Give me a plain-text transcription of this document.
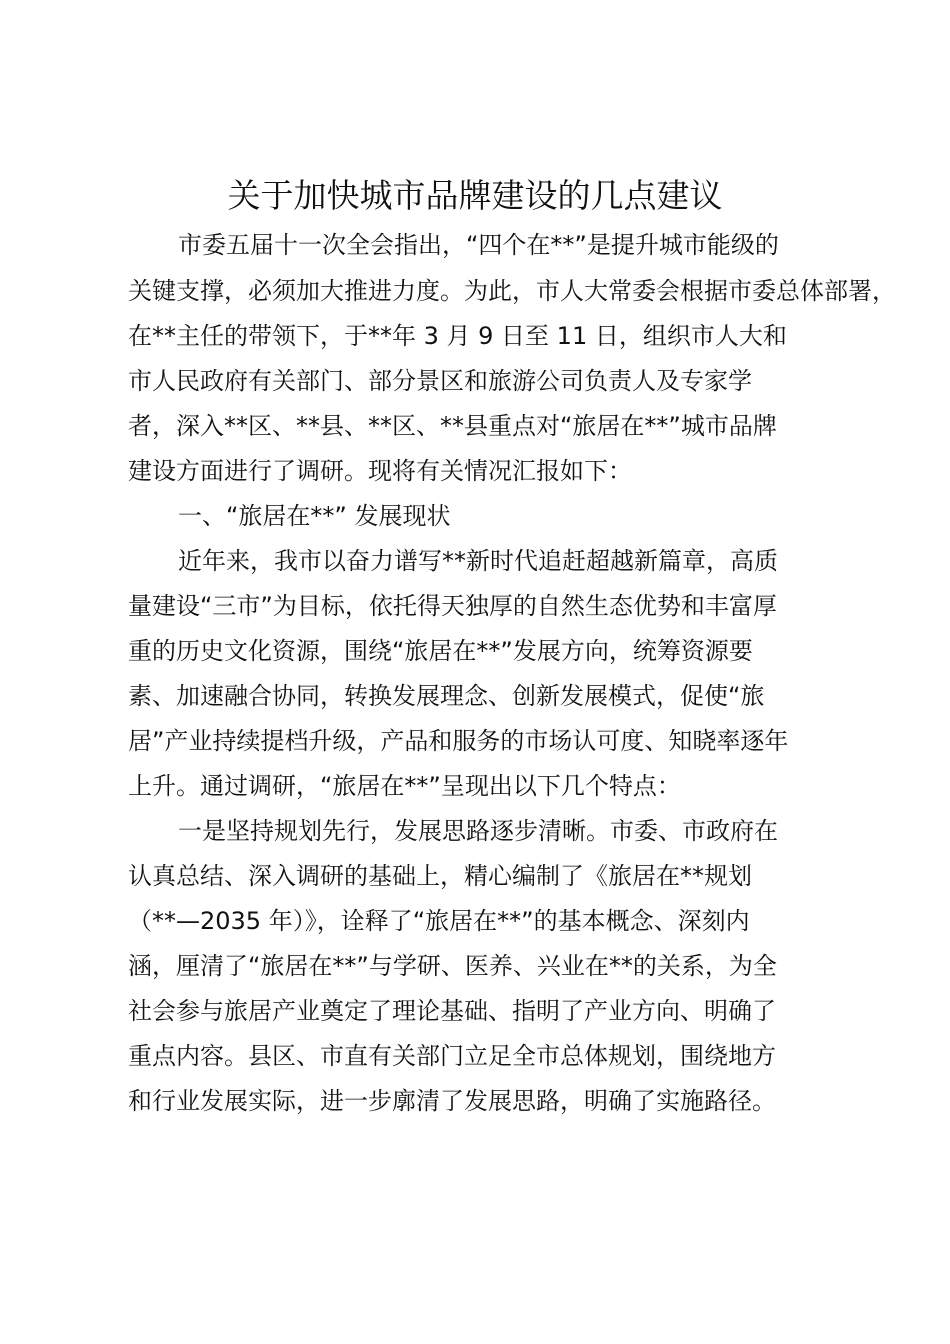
关于加快城市品牌建设的几点建议

市委五届十一次全会指出，“四个在**”是提升城市能级的

关键支撑，必须加大推进力度。为此，市人大常委会根据市委总体部署，

在**主任的带领下，于**年 3 月 9 日至 11 日，组织市人大和

市人民政府有关部门、部分景区和旅游公司负责人及专家学

者，深入**区、**县、**区、**县重点对“旅居在**”城市品牌

建设方面进行了调研。现将有关情况汇报如下：

一、“旅居在**” 发展现状

近年来，我市以奋力谱写**新时代追赶超越新篇章，高质

量建设“三市”为目标，依托得天独厚的自然生态优势和丰富厚

重的历史文化资源，围绕“旅居在**”发展方向，统筹资源要

素、加速融合协同，转换发展理念、创新发展模式，促使“旅

居”产业持续提档升级，产品和服务的市场认可度、知晓率逐年

上升。通过调研，“旅居在**”呈现出以下几个特点：

一是坚持规划先行，发展思路逐步清晰。市委、市政府在

认真总结、深入调研的基础上，精心编制了《旅居在**规划

（**—2035 年）》，诠释了“旅居在**”的基本概念、深刻内

涵，厘清了“旅居在**”与学研、医养、兴业在**的关系，为全

社会参与旅居产业奠定了理论基础、指明了产业方向、明确了

重点内容。县区、市直有关部门立足全市总体规划，围绕地方

和行业发展实际，进一步廓清了发展思路，明确了实施路径。
